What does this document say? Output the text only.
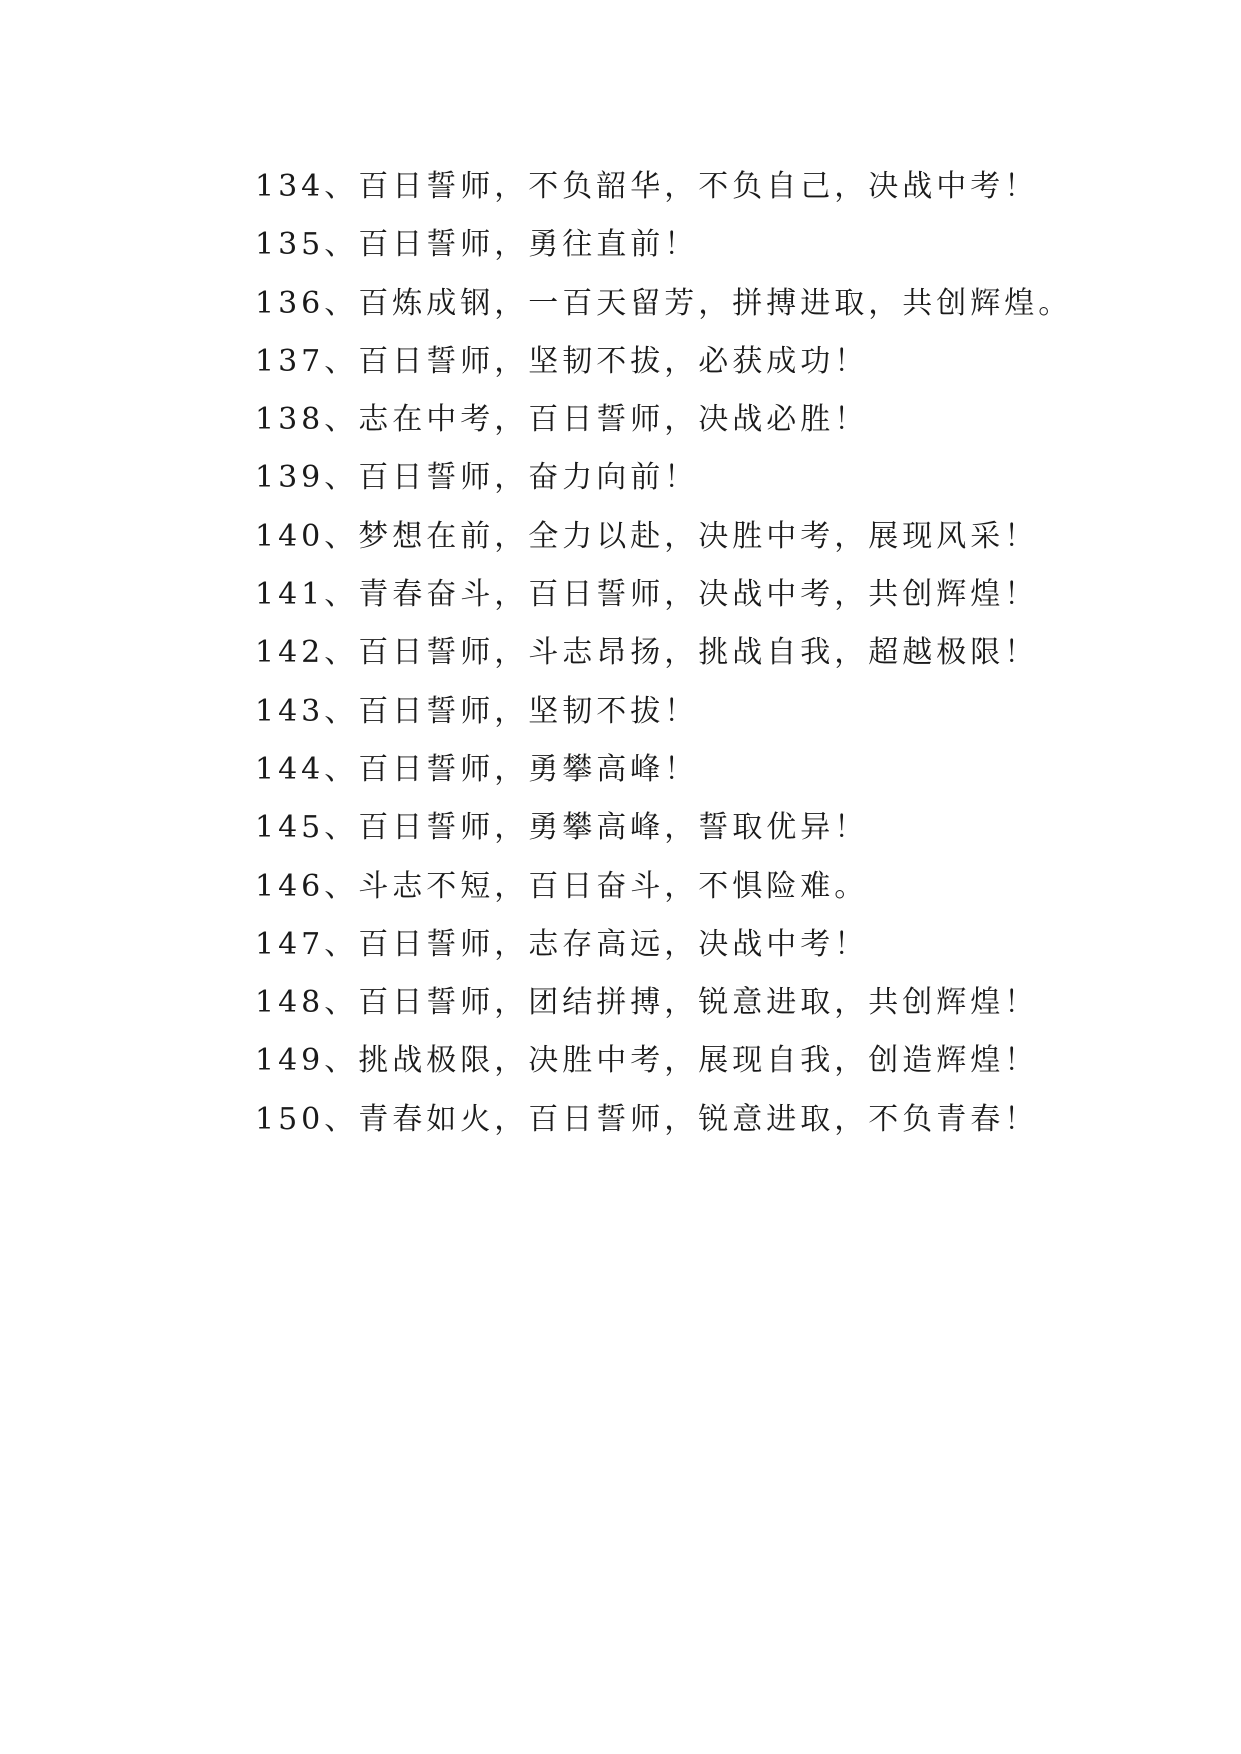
134、百日誓师，不负韶华，不负自己，决战中考！
135、百日誓师，勇往直前！
136、百炼成钢，一百天留芳，拼搏进取，共创辉煌。
137、百日誓师，坚韧不拔，必获成功！
138、志在中考，百日誓师，决战必胜！
139、百日誓师，奋力向前！
140、梦想在前，全力以赴，决胜中考，展现风采！
141、青春奋斗，百日誓师，决战中考，共创辉煌！
142、百日誓师，斗志昂扬，挑战自我，超越极限！
143、百日誓师，坚韧不拔！
144、百日誓师，勇攀高峰！
145、百日誓师，勇攀高峰，誓取优异！
146、斗志不短，百日奋斗，不惧险难。
147、百日誓师，志存高远，决战中考！
148、百日誓师，团结拼搏，锐意进取，共创辉煌！
149、挑战极限，决胜中考，展现自我，创造辉煌！
150、青春如火，百日誓师，锐意进取，不负青春！
